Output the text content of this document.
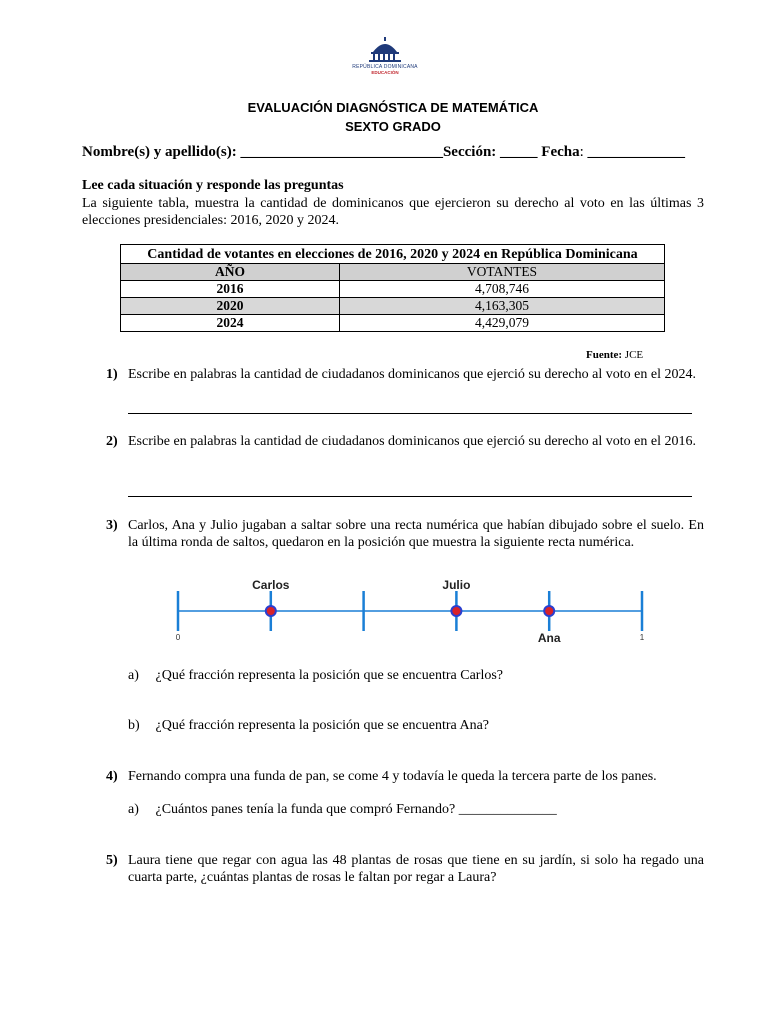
REPÚBLICA DOMINICANA
EDUCACIÓN
EVALUACIÓN DIAGNÓSTICA DE MATEMÁTICA
SEXTO GRADO
Nombre(s) y apellido(s): ___________________________Sección: _____ Fecha: _____________
Lee cada situación y responde las preguntas
La siguiente tabla, muestra la cantidad de dominicanos que ejercieron su derecho al voto en las últimas 3 elecciones presidenciales: 2016, 2020 y 2024.
Cantidad de votantes en elecciones de 2016, 2020 y 2024 en República Dominicana	
AÑO	VOTANTES
2016	4,708,746
2020	4,163,305
2024	4,429,079
Fuente: JCE
1) Escribe en palabras la cantidad de ciudadanos dominicanos que ejerció su derecho al voto en el 2024.
2) Escribe en palabras la cantidad de ciudadanos dominicanos que ejerció su derecho al voto en el 2016.
3) Carlos, Ana y Julio jugaban a saltar sobre una recta numérica que habían dibujado sobre el suelo. En la última ronda de saltos, quedaron en la posición que muestra la siguiente recta numérica.
Carlos	Julio
Ana
0	1
a) ¿Qué fracción representa la posición que se encuentra Carlos?
b) ¿Qué fracción representa la posición que se encuentra Ana?
4) Fernando compra una funda de pan, se come 4 y todavía le queda la tercera parte de los panes.
a) ¿Cuántos panes tenía la funda que compró Fernando? ______________
5) Laura tiene que regar con agua las 48 plantas de rosas que tiene en su jardín, si solo ha regado una cuarta parte, ¿cuántas plantas de rosas le faltan por regar a Laura?
